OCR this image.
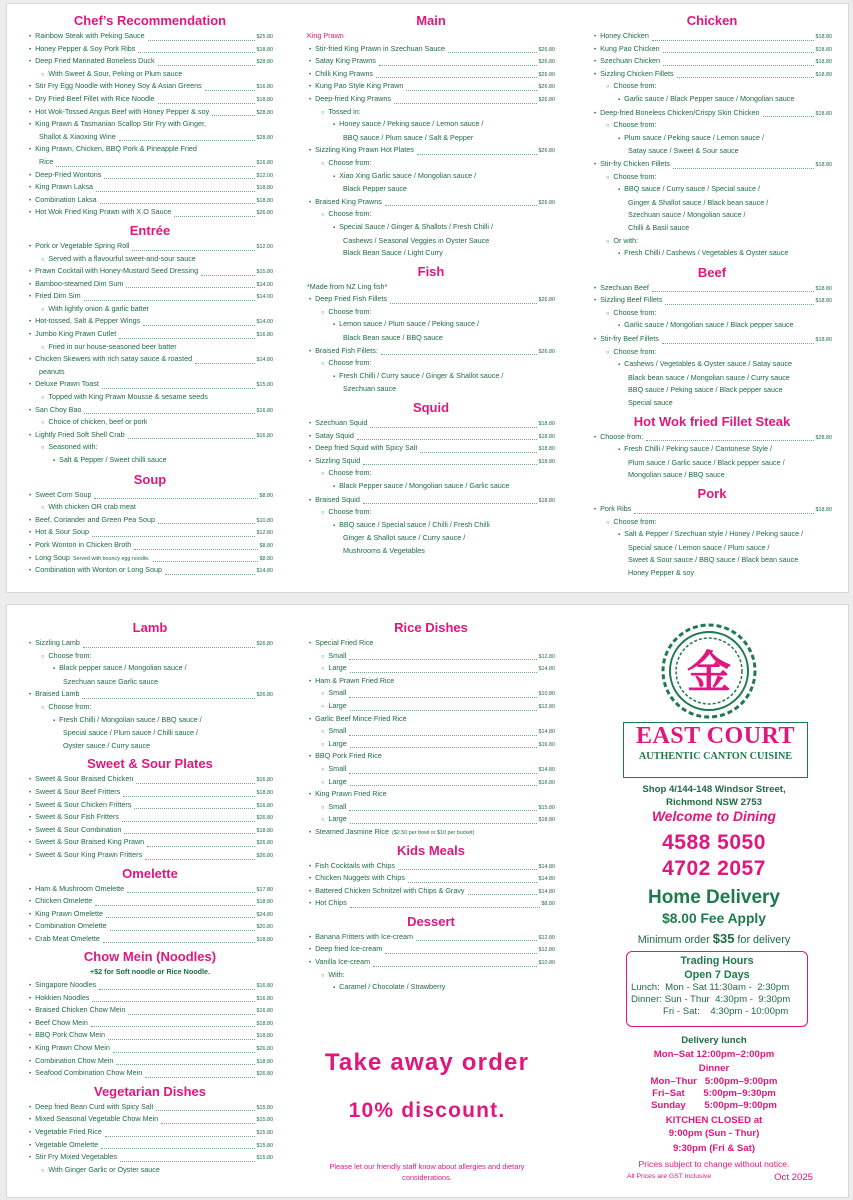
Chef’s Recommendation
• Rainbow Steak with Peking Sauce	$25.80
• Honey Pepper & Soy Pork Ribs	$18.80
• Deep Fried Marinated Boneless Duck	$28.80
○ With Sweet & Sour, Peking or Plum sauce
• Stir Fry Egg Noodle with Honey Soy & Asian Greens	$16.80
• Dry Fried Beef Fillet with Rice Noodle	$18.80
• Hot Wok-Tossed Angus Beef with Honey Pepper & soy	$28.80
• King Prawn & Tasmanian Scallop Stir Fry with Ginger,
Shallot & Xiaoxing Wine	$28.80
• King Prawn, Chicken, BBQ Pork & Pineapple Fried
Rice	$16.80
• Deep-Fried Wontons	$12.00
• King Prawn Laksa	$18.80
• Combination Laksa	$18.80
• Hot Wok Fried King Prawn with X.O Sauce	$26.80
Entrée
• Pork or Vegetable Spring Roll	$12.00
○ Served with a flavourful sweet-and-sour sauce
• Prawn Cocktail with Honey-Mustard Seed Dressing	$15.80
• Bamboo-steamed Dim Sum	$14.00
• Fried Dim Sim	$14.00
○ With lightly onion & garlic batter
• Hot-tossed, Salt & Pepper Wings	$14.00
• Jumbo King Prawn Cutlet	$16.80
○ Fried in our house-seasoned beer batter
• Chicken Skewers with rich satay sauce & roasted	$14.80
peanuts
• Deluxe Prawn Toast	$15.80
○ Topped with King Prawn Mousse & sesame seeds
• San Choy Bao	$16.80
○ Choice of chicken, beef or pork
• Lightly Fried Soft Shell Crab	$16.80
○ Seasoned with:
▪ Salt & Pepper / Sweet chilli sauce
Soup
• Sweet Corn Soup	$8.80
○ With chicken OR crab meat
• Beef, Coriander and Green Pea Soup	$10.80
• Hot & Sour Soup	$12.80
• Pork Wonton in Chicken Broth	$8.80
• Long Soup Served with bouncy egg noodle.	$8.80
• Combination with Wonton or Long Soup	$14.80
Main
King Prawn
• Stir-fried King Prawn in Szechuan Sauce	$26.80
• Satay King Prawns	$26.80
• Chilli King Prawns	$26.80
• Kung Pao Style King Prawn	$26.80
• Deep-fried King Prawns	$26.80
○ Tossed in:
▪ Honey sauce / Peking sauce / Lemon sauce /
BBQ sauce / Plum sauce / Salt & Pepper
• Sizzling King Prawn Hot Plates	$26.80
○ Choose from:
▪ Xiao Xing Garlic sauce / Mongolian sauce /
Black Pepper sauce
• Braised King Prawns	$26.80
○ Choose from:
▪ Special Sauce / Ginger & Shallots / Fresh Chilli /
Cashews / Seasonal Veggies in Oyster Sauce
Black Bean Sauce / Light Curry
Fish
*Made from NZ Ling fish*
• Deep Fried Fish Fillets	$26.80
○ Choose from:
▪ Lemon sauce / Plum sauce / Peking sauce /
Black Bean sauce / BBQ sauce
• Braised Fish Fillets:	$26.80
○ Choose from:
▪ Fresh Chilli / Curry sauce / Ginger & Shallot sauce /
Szechuan sauce
Squid
• Szechuan Squid	$18.80
• Satay Squid	$18.80
• Deep fried Squid with Spicy Salt	$18.80
• Sizzling Squid	$18.80
○ Choose from:
▪ Black Pepper sauce / Mongolian sauce / Garlic sauce
• Braised Squid	$18.80
○ Choose from:
▪ BBQ sauce / Special sauce / Chilli / Fresh Chilli
Ginger & Shallot sauce / Curry sauce /
Mushrooms & Vegetables
Chicken
• Honey Chicken	$18.80
• Kung Pao Chicken	$18.80
• Szechuan Chicken	$18.80
• Sizzling Chicken Fillets	$18.80
○ Choose from:
▪ Garlic sauce / Black Pepper sauce / Mongolian sauce
• Deep-fried Boneless Chicken/Crispy Skin Chicken	$18.80
○ Choose from:
▪ Plum sauce / Peking sauce / Lemon sauce /
Satay sauce / Sweet & Sour sauce
• Stir-fry Chicken Fillets	$18.80
○ Choose from:
▪ BBQ sauce / Curry sauce / Special sauce /
Ginger & Shallot sauce / Black bean sauce /
Szechuan sauce / Mongolian sauce /
Chilli & Basil sauce
○ Or with:
▪ Fresh Chilli / Cashews / Vegetables & Oyster sauce
Beef
• Szechuan Beef	$18.80
• Sizzling Beef Fillets	$18.80
○ Choose from:
▪ Garlic sauce / Mongolian sauce / Black pepper sauce
• Stir-fry Beef Fillets	$18.80
○ Choose from:
▪ Cashews / Vegetables & Oyster sauce / Satay sauce
Black bean sauce / Mongolian sauce / Curry sauce
BBQ sauce / Peking sauce / Black pepper sauce
Special sauce
Hot Wok fried Fillet Steak
• Choose from:	$28.80
▪ Fresh Chilli / Peking sauce / Cantonese Style /
Plum sauce / Garlic sauce / Black pepper sauce /
Mongolian sauce / BBQ sauce
Pork
• Pork Ribs	$18.80
○ Choose from:
▪ Salt & Pepper / Szechuan style / Honey / Peking sauce /
Special sauce / Lemon sauce / Plum sauce /
Sweet & Sour sauce / BBQ sauce / Black bean sauce
Honey Pepper & soy
Lamb
• Sizzling Lamb	$26.80
○ Choose from:
▪ Black pepper sauce / Mongolian sauce /
Szechuan sauce Garlic sauce
• Braised Lamb	$26.80
○ Choose from:
▪ Fresh Chilli / Mongolian sauce / BBQ sauce /
Special sauce / Plum sauce / Chilli sauce /
Oyster sauce / Curry sauce
Sweet & Sour Plates
• Sweet & Sour Braised Chicken	$16.80
• Sweet & Sour Beef Fritters	$18.80
• Sweet & Sour Chicken Fritters	$16.80
• Sweet & Sour Fish Fritters	$26.80
• Sweet & Sour Combination	$18.80
• Sweet & Sour Braised King Prawn	$26.80
• Sweet & Sour King Prawn Fritters	$26.80
Omelette
• Ham & Mushroom Omelette	$17.80
• Chicken Omelette	$18.80
• King Prawn Omelette	$24.80
• Combination Omelette	$20.80
• Crab Meat Omelette	$18.80
Chow Mein (Noodles)
+$2 for Soft noodle or Rice Noodle.
• Singapore Noodles	$16.80
• Hokkien Noodles	$16.80
• Braised Chicken Chow Mein	$16.80
• Beef Chow Mein	$18.80
• BBQ Pork Chow Mein	$18.80
• King Prawn Chow Mein	$26.80
• Combination Chow Mein	$18.80
• Seafood Combination Chow Mein	$26.80
Vegetarian Dishes
• Deep fried Bean Curd with Spicy Salt	$15.80
• Mixed Seasonal Vegetable Chow Mein	$15.80
• Vegetable Fried Rice	$15.80
• Vegetable Omelette	$15.80
• Stir Fry Mixed Vegetables	$15.80
○ With Ginger Garlic or Oyster sauce
Rice Dishes
• Special Fried Rice
○ Small	$12.80
○ Large	$14.80
• Ham & Prawn Fried Rice
○ Small	$10.80
○ Large	$12.80
• Garlic Beef Mince Fried Rice
○ Small	$14.80
○ Large	$16.80
• BBQ Pork Fried Rice
○ Small	$14.80
○ Large	$16.80
• King Prawn Fried Rice
○ Small	$15.80
○ Large	$18.80
• Steamed Jasmine Rice ($2.50 per bowl or $10 per bucket)
Kids Meals
• Fish Cocktails with Chips	$14.80
• Chicken Nuggets with Chips	$14.80
• Battered Chicken Schnitzel with Chips & Gravy	$14.80
• Hot Chips	$8.80
Dessert
• Banana Fritters with Ice-cream	$12.80
• Deep fried Ice-cream	$12.80
• Vanilla Ice-cream	$10.80
○ With:
▪ Caramel / Chocolate / Strawberry
Take away order
10% discount.
Please let our friendly staff know about allergies and dietary
considerations.
金
EAST COURT
AUTHENTIC CANTON CUISINE
Shop 4/144-148 Windsor Street,
Richmond NSW 2753
Welcome to Dining
4588 5050
4702 2057
Home Delivery
$8.00 Fee Apply
Minimum order $35 for delivery
Trading Hours
Open 7 Days
Lunch:  Mon - Sat 11:30am -  2:30pm
Dinner: Sun - Thur  4:30pm -  9:30pm
Fri - Sat:    4:30pm - 10:00pm
Delivery lunch
Mon–Sat 12:00pm–2:00pm
Dinner
Mon–Thur   5:00pm–9:00pm
Fri–Sat       5:00pm–9:30pm
Sunday       5:00pm–9:00pm
KITCHEN CLOSED at
9:00pm (Sun - Thur)
9:30pm (Fri & Sat)
Prices subject to change without notice.
All Prices are GST Inclusive	Oct 2025
